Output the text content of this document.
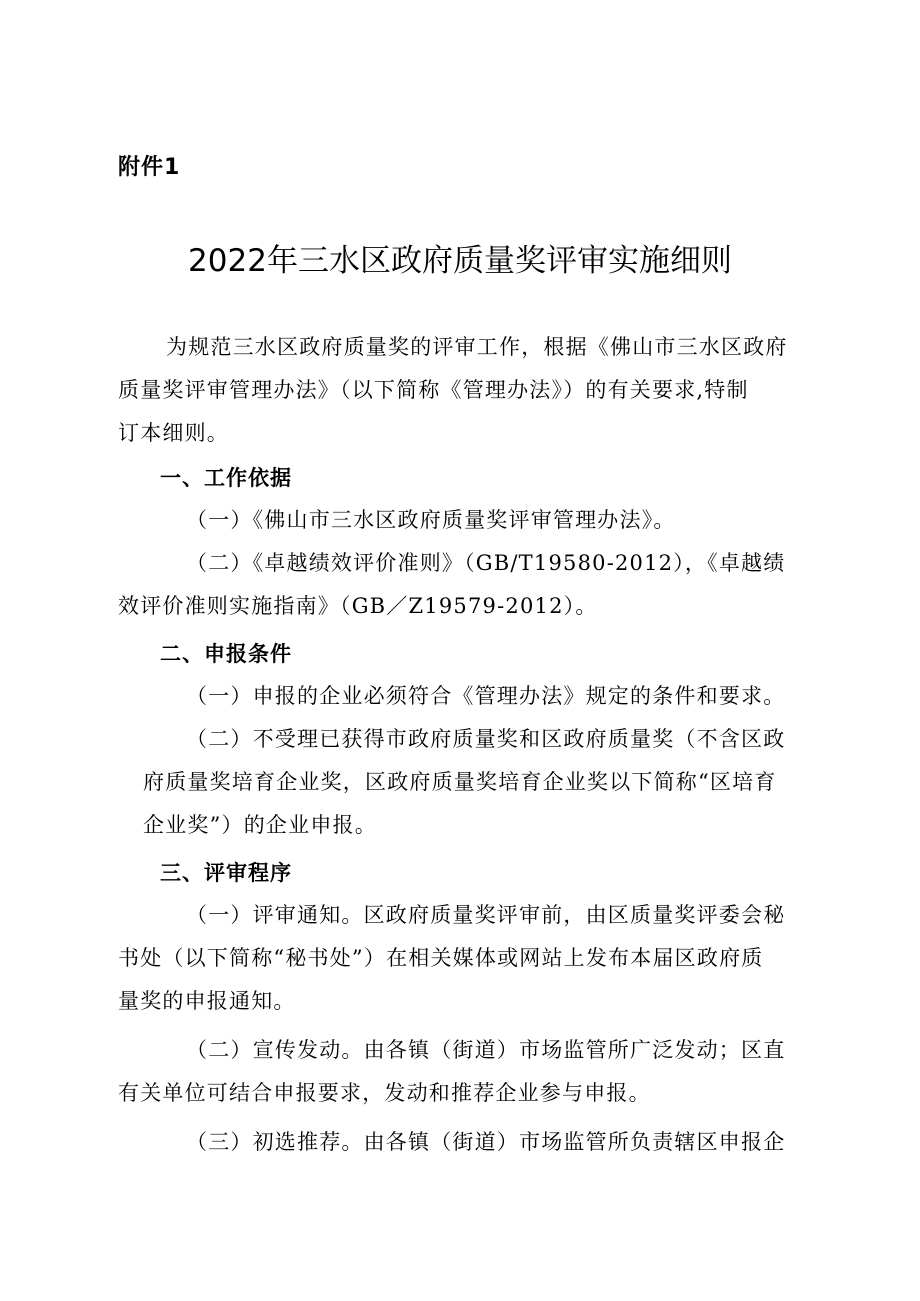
附件1
2022年三水区政府质量奖评审实施细则
为规范三水区政府质量奖的评审工作，根据《佛山市三水区政府
质量奖评审管理办法》（以下简称《管理办法》）的有关要求,特制
订本细则。
一、工作依据
（一）《佛山市三水区政府质量奖评审管理办法》。
（二）《卓越绩效评价准则》（GB/T19580-2012），《卓越绩
效评价准则实施指南》（GB／Z19579-2012）。
二、申报条件
（一）申报的企业必须符合《管理办法》规定的条件和要求。
（二）不受理已获得市政府质量奖和区政府质量奖（不含区政
府质量奖培育企业奖，区政府质量奖培育企业奖以下简称“区培育
企业奖”）的企业申报。
三、评审程序
（一）评审通知。区政府质量奖评审前，由区质量奖评委会秘
书处（以下简称“秘书处”）在相关媒体或网站上发布本届区政府质
量奖的申报通知。
（二）宣传发动。由各镇（街道）市场监管所广泛发动；区直
有关单位可结合申报要求，发动和推荐企业参与申报。
（三）初选推荐。由各镇（街道）市场监管所负责辖区申报企
